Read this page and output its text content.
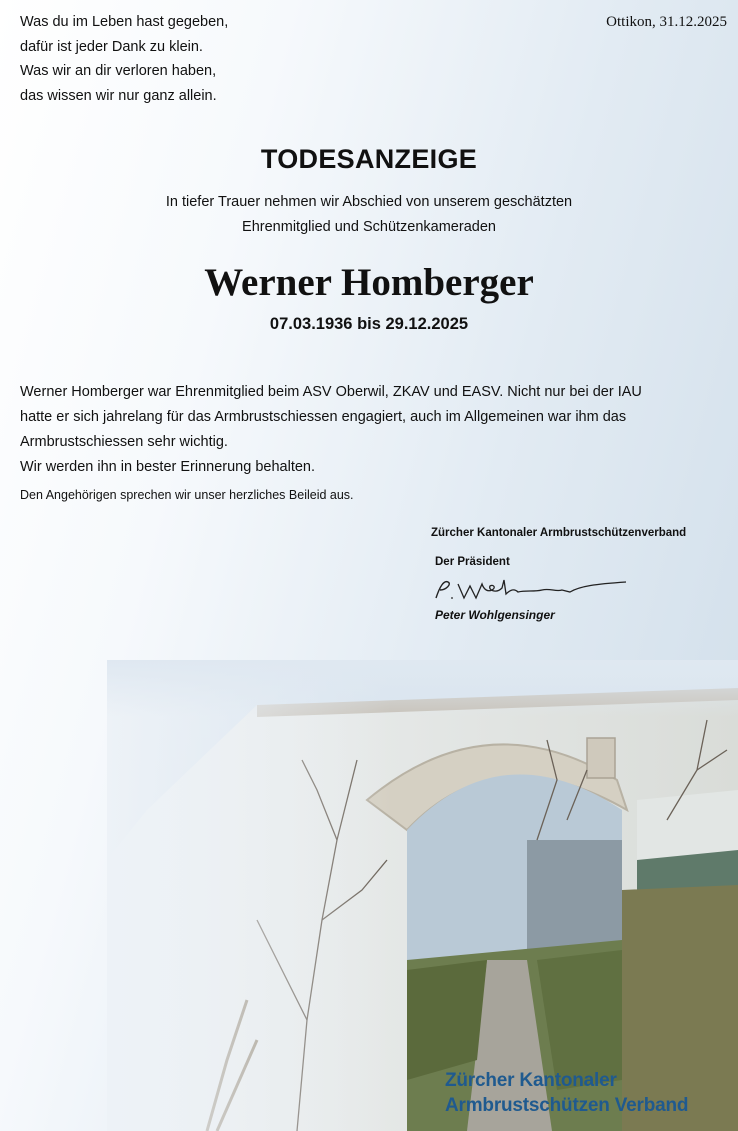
Was du im Leben hast gegeben,
dafür ist jeder Dank zu klein.
Was wir an dir verloren haben,
das wissen wir nur ganz allein.
Ottikon, 31.12.2025
TODESANZEIGE
In tiefer Trauer nehmen wir Abschied von unserem geschätzten
Ehrenmitglied und Schützenkameraden
Werner Homberger
07.03.1936 bis 29.12.2025
Werner Homberger war Ehrenmitglied beim ASV Oberwil, ZKAV und EASV. Nicht nur bei der IAU
hatte er sich jahrelang für das Armbrustschiessen engagiert, auch im Allgemeinen war ihm das
Armbrustschiessen sehr wichtig.
Wir werden ihn in bester Erinnerung behalten.
Den Angehörigen sprechen wir unser herzliches Beileid aus.
Zürcher Kantonaler Armbrustschützenverband
Der Präsident
Peter Wohlgensinger
Zürcher Kantonaler
Armbrustschützen Verband
